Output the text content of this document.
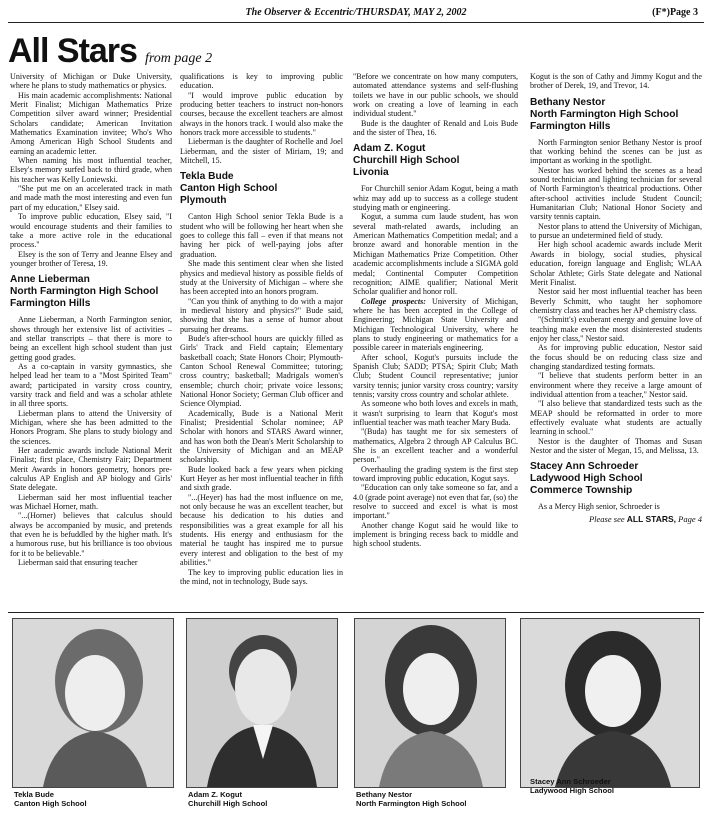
The Observer & Eccentric/THURSDAY, MAY 2, 2002	(F*)Page 3
All Stars from page 2

University of Michigan or Duke University, where he plans to study mathematics or physics.

His main academic accomplishments: National Merit Finalist; Michigan Mathematics Prize Competition silver award winner; Presidential Scholars candidate; American Invitation Mathematics Examination invitee; Who's Who Among American High School Students and earning an academic letter.

When naming his most influential teacher, Elsey's memory surfed back to third grade, when his teacher was Kelly Loniewski.

"She put me on an accelerated track in math and made math the most interesting and even fun part of my education," Elsey said.

To improve public education, Elsey said, "I would encourage students and their families to take a more active role in the educational process."

Elsey is the son of Terry and Jeanne Elsey and younger brother of Teresa, 19.

Anne Lieberman
North Farmington High School
Farmington Hills

Anne Lieberman, a North Farmington senior, shows through her extensive list of activities – and stellar transcripts – that there is more to being an excellent high school student than just getting good grades.

As a co-captain in varsity gymnastics, she helped lead her team to a "Most Spirited Team" award; participated in varsity cross country, varsity track and field and was a scholar athlete in all three sports.

Lieberman plans to attend the University of Michigan, where she has been admitted to the Honors Program. She plans to study biology and the sciences.

Her academic awards include National Merit Finalist; first place, Chemistry Fair; Department Merit Awards in honors geometry, honors pre-calculus AP English and AP biology and Girls' State delegate.

Lieberman said her most influential teacher was Michael Horner, math.

"...(Horner) believes that calculus should always be accompanied by music, and pretends that even he is befuddled by the higher math. It's a humorous ruse, but his brilliance is too obvious for it to be believable."

Lieberman said that ensuring teacher

qualifications is key to improving public education.

"I would improve public education by producing better teachers to instruct non-honors courses, because the excellent teachers are almost always in the honors track. I would also make the honors track more accessible to students."

Lieberman is the daughter of Rochelle and Joel Lieberman, and the sister of Miriam, 19; and Mitchell, 15.

Tekla Bude
Canton High School
Plymouth

Canton High School senior Tekla Bude is a student who will be following her heart when she goes to college this fall – even if that means not having her pick of well-paying jobs after graduation.

She made this sentiment clear when she listed physics and medieval history as possible fields of study at the University of Michigan – where she has been accepted into an honors program.

"Can you think of anything to do with a major in medieval history and physics?" Bude said, showing that she has a sense of humor about pursuing her dreams.

Bude's after-school hours are quickly filled as Girls' Track and Field captain; Elementary basketball coach; State Honors Choir; Plymouth-Canton School Renewal Committee; tutoring; cross country; basketball; Madrigals women's ensemble; church choir; private voice lessons; National Honor Society; German Club officer and Science Olympiad.

Academically, Bude is a National Merit Finalist; Presidential Scholar nominee; AP Scholar with honors and STARS Award winner, and has won both the Dean's Merit Scholarship to the University of Michigan and an MEAP scholarship.

Bude looked back a few years when picking Kurt Heyer as her most influential teacher in fifth and sixth grade.

"...(Heyer) has had the most influence on me, not only because he was an excellent teacher, but because his dedication to his duties and responsibilities was a great example for all his students. His energy and enthusiasm for the material he taught has inspired me to pursue every interest and obligation to the best of my abilities."

The key to improving public education lies in the mind, not in technology, Bude says.

"Before we concentrate on how many computers, automated attendance systems and self-flushing toilets we have in our public schools, we should work on creating a love of learning in each individual student."

Bude is the daughter of Renald and Lois Bude and the sister of Thea, 16.

Adam Z. Kogut
Churchill High School
Livonia

For Churchill senior Adam Kogut, being a math whiz may add up to success as a college student studying math or engineering.

Kogut, a summa cum laude student, has won several math-related awards, including an American Mathematics Competition medal; and a bronze award and honorable mention in the Michigan Mathematics Prize Competition. Other academic accomplishments include a SIGMA gold medal; Continental Computer Competition recognition; AIME qualifier; National Merit Scholar qualifier and honor roll.

College prospects: University of Michigan, where he has been accepted in the College of Engineering; Michigan State University and Michigan Technological University, where he plans to study engineering or mathematics for a possible career in materials engineering.

After school, Kogut's pursuits include the Spanish Club; SADD; PTSA; Spirit Club; Math Club; Student Council representative; junior varsity tennis; junior varsity cross country; varsity tennis; varsity cross country and scholar athlete.

As someone who both loves and excels in math, it wasn't surprising to learn that Kogut's most influential teacher was math teacher Mary Buda.

"(Buda) has taught me for six semesters of mathematics, Algebra 2 through AP Calculus BC. She is an excellent teacher and a wonderful person."

Overhauling the grading system is the first step toward improving public education, Kogut says.

"Education can only take someone so far, and a 4.0 (grade point average) not even that far, (so) the resolve to succeed and excel is what is most important."

Another change Kogut said he would like to implement is bringing recess back to middle and high school students.

Kogut is the son of Cathy and Jimmy Kogut and the brother of Derek, 19, and Trevor, 14.

Bethany Nestor
North Farmington High School
Farmington Hills

North Farmington senior Bethany Nestor is proof that working behind the scenes can be just as important as working in the spotlight.

Nestor has worked behind the scenes as a head sound technician and lighting technician for several of North Farmington's theatrical productions. Other after-school activities include Student Council; Humanitarian Club; National Honor Society and varsity tennis captain.

Nestor plans to attend the University of Michigan, to pursue an undetermined field of study.

Her high school academic awards include Merit Awards in biology, social studies, physical education, foreign language and English; WLAA Scholar Athlete; Girls State delegate and National Merit Finalist.

Nestor said her most influential teacher has been Beverly Schmitt, who taught her sophomore chemistry class and teaches her AP chemistry class.

"(Schmitt's) exuberant energy and genuine love of teaching make even the most disinterested students enjoy her class," Nestor said.

As for improving public education, Nestor said the focus should be on reducing class size and changing standardized testing formats.

"I believe that students perform better in an environment where they receive a large amount of individual attention from a teacher," Nestor said.

"I also believe that standardized tests such as the MEAP should be reformatted in order to more effectively evaluate what students are actually learning in school."

Nestor is the daughter of Thomas and Susan Nestor and the sister of Megan, 15, and Melissa, 13.

Stacey Ann Schroeder
Ladywood High School
Commerce Township

As a Mercy High senior, Schroeder is

Please see ALL STARS, Page 4
Tekla Bude
Canton High School
Adam Z. Kogut
Churchill High School
Bethany Nestor
North Farmington High School
Stacey Ann Schroeder
Ladywood High School
